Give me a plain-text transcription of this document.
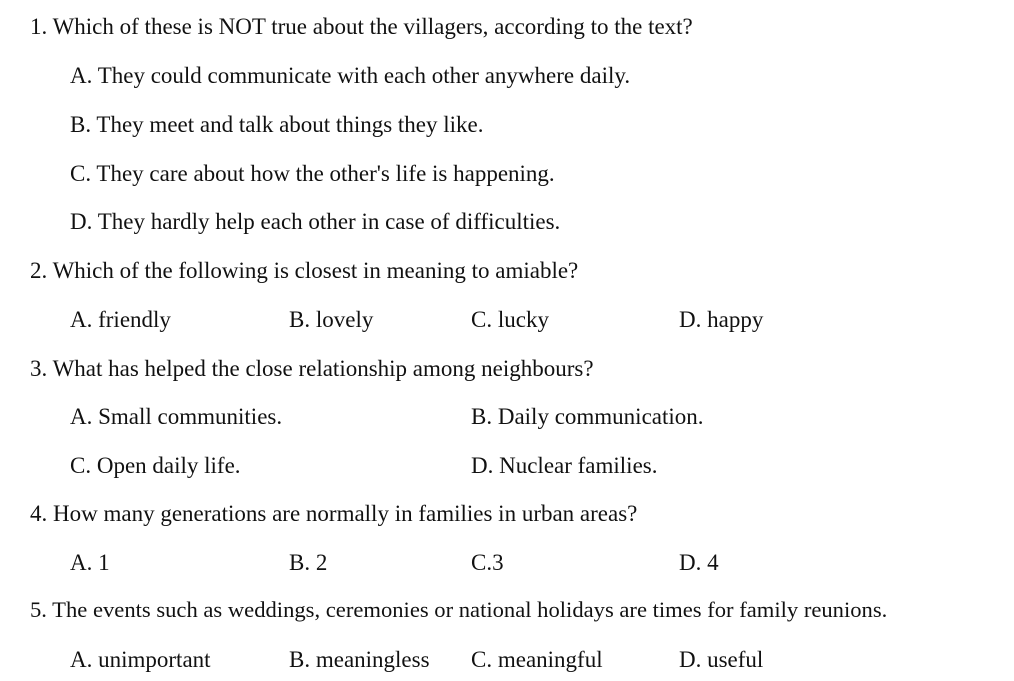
1. Which of these is NOT true about the villagers, according to the text?
A. They could communicate with each other anywhere daily.
B. They meet and talk about things they like.
C. They care about how the other's life is happening.
D. They hardly help each other in case of difficulties.
2. Which of the following is closest in meaning to amiable?
A. friendly	B. lovely	C. lucky	D. happy
3. What has helped the close relationship among neighbours?
A. Small communities.	B. Daily communication.
C. Open daily life.	D. Nuclear families.
4. How many generations are normally in families in urban areas?
A. 1	B. 2	C.3	D. 4
5. The events such as weddings, ceremonies or national holidays are times for family reunions.
A. unimportant	B. meaningless C. meaningful	D. useful
